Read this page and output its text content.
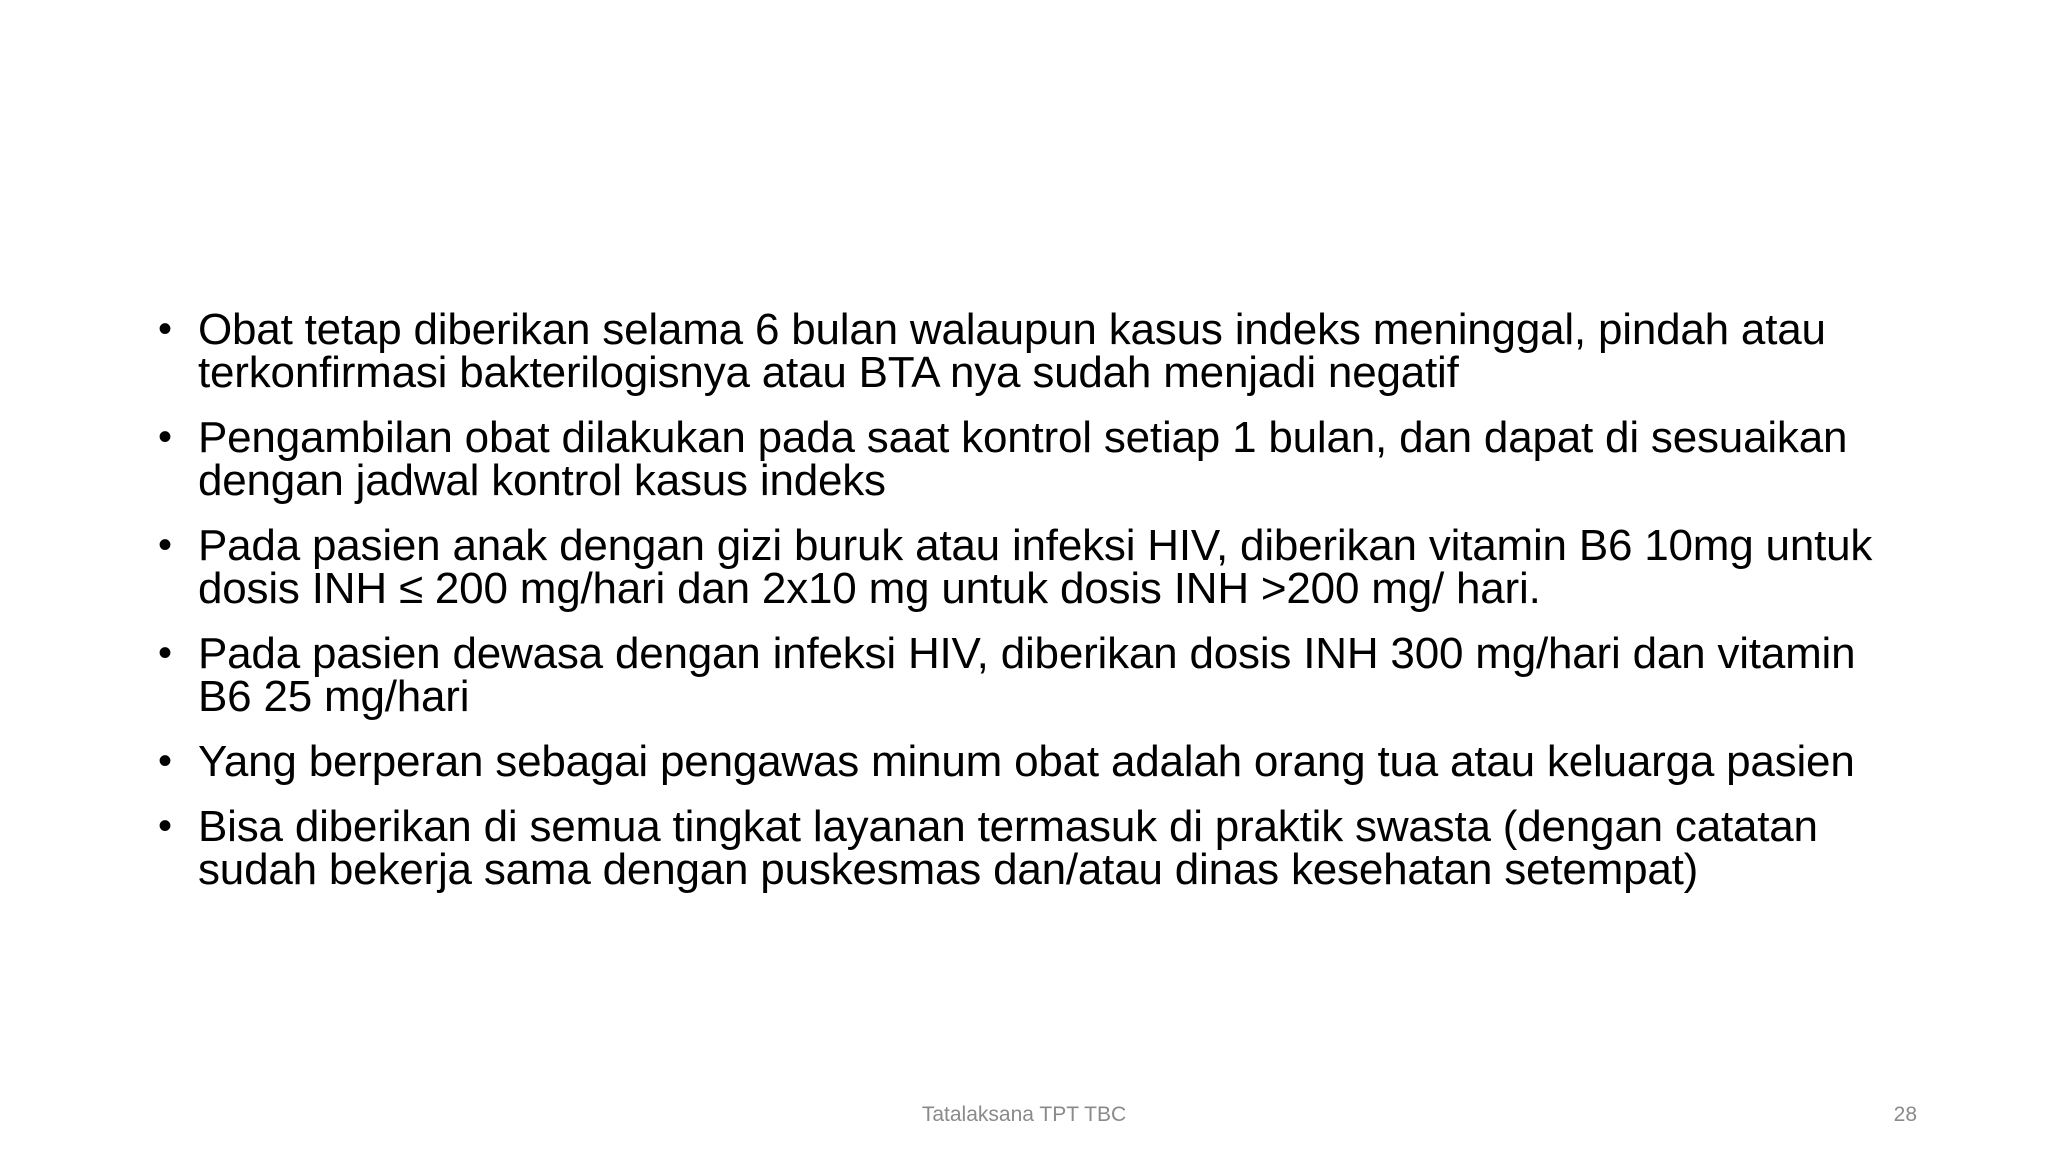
• Obat tetap diberikan selama 6 bulan walaupun kasus indeks meninggal, pindah atau terkonfirmasi bakterilogisnya atau BTA nya sudah menjadi negatif
• Pengambilan obat dilakukan pada saat kontrol setiap 1 bulan, dan dapat di sesuaikan dengan jadwal kontrol kasus indeks
• Pada pasien anak dengan gizi buruk atau infeksi HIV, diberikan vitamin B6 10mg untuk dosis INH ≤ 200 mg/hari dan 2x10 mg untuk dosis INH >200 mg/ hari.
• Pada pasien dewasa dengan infeksi HIV, diberikan dosis INH 300 mg/hari dan vitamin B6 25 mg/hari
• Yang berperan sebagai pengawas minum obat adalah orang tua atau keluarga pasien
• Bisa diberikan di semua tingkat layanan termasuk di praktik swasta (dengan catatan sudah bekerja sama dengan puskesmas dan/atau dinas kesehatan setempat)
Tatalaksana TPT TBC	28
